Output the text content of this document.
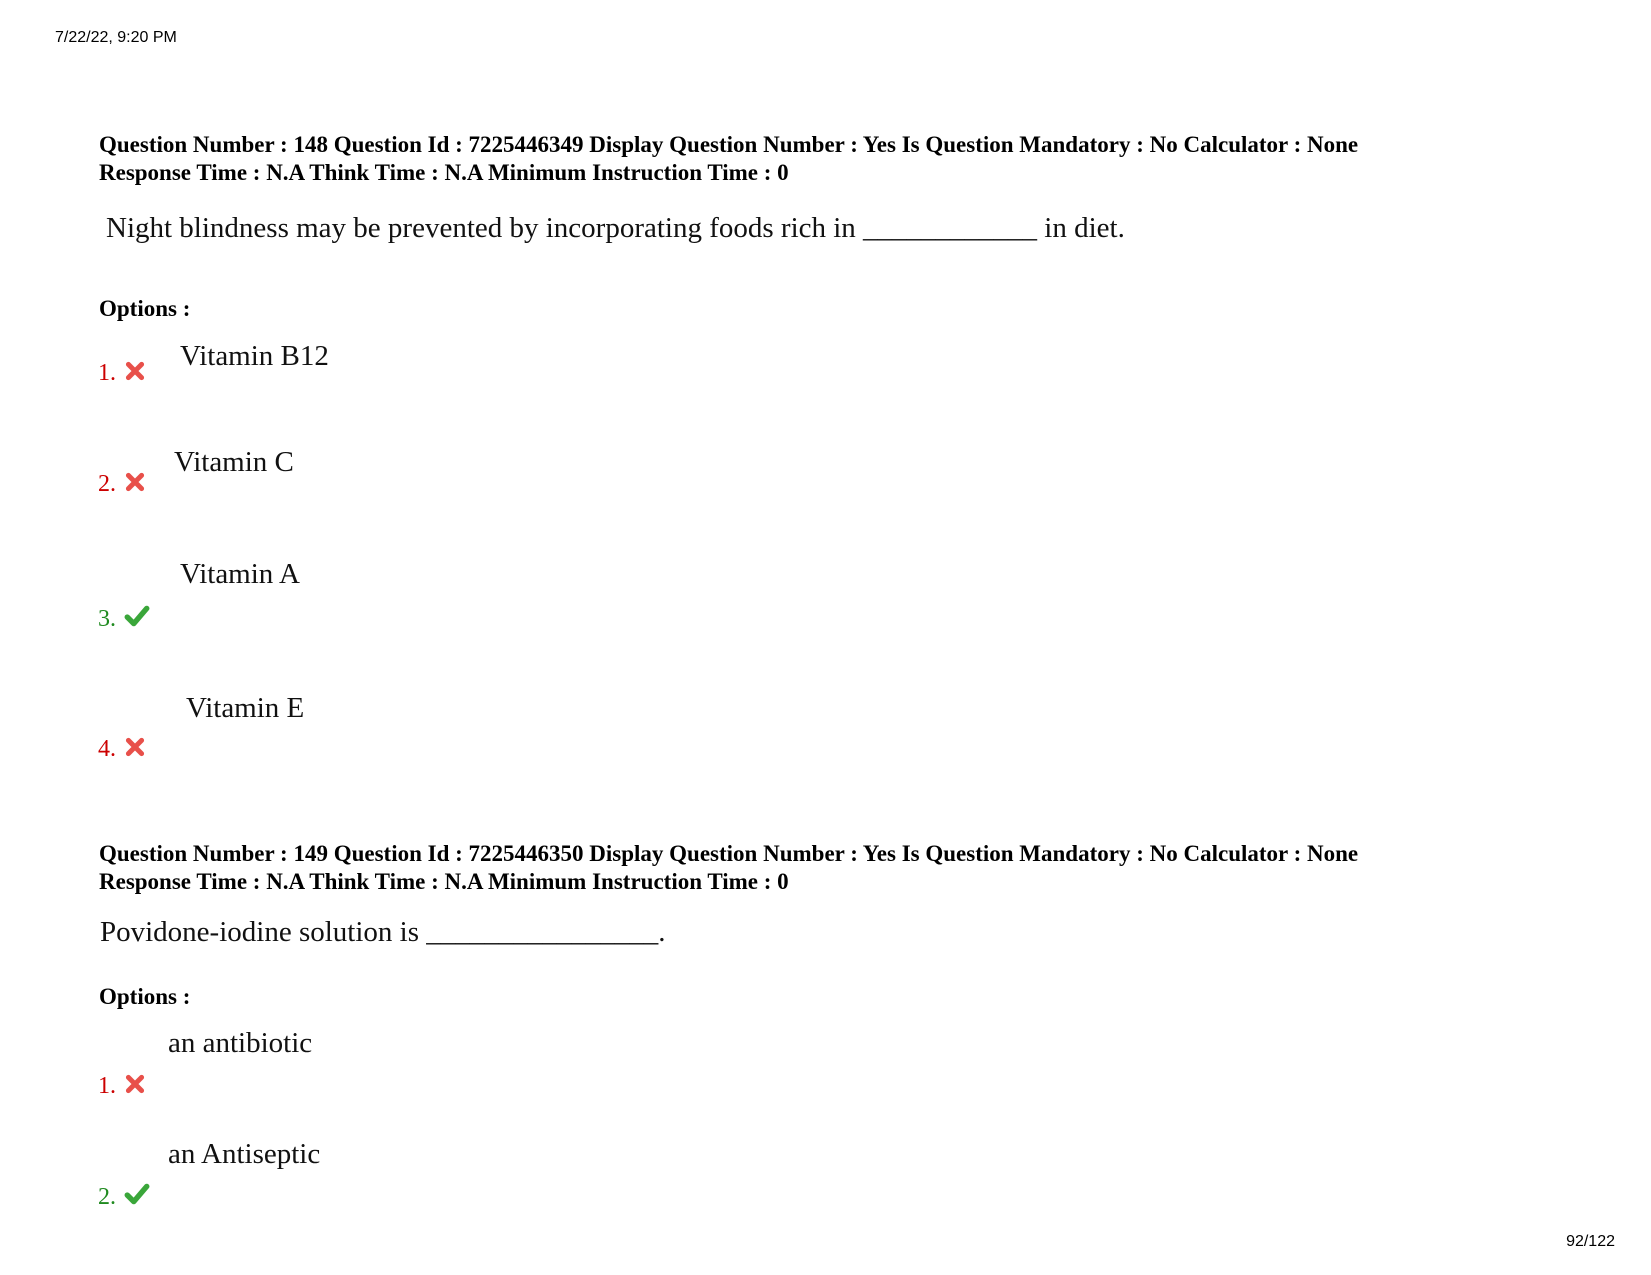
7/22/22, 9:20 PM
Question Number : 148 Question Id : 7225446349 Display Question Number : Yes Is Question Mandatory : No Calculator : None
Response Time : N.A Think Time : N.A Minimum Instruction Time : 0
Night blindness may be prevented by incorporating foods rich in ____________ in diet.
Options :
1.
Vitamin B12
2.
Vitamin C
3.
Vitamin A
4.
Vitamin E
Question Number : 149 Question Id : 7225446350 Display Question Number : Yes Is Question Mandatory : No Calculator : None
Response Time : N.A Think Time : N.A Minimum Instruction Time : 0
Povidone-iodine solution is ________________.
Options :
1.
an antibiotic
2.
an Antiseptic
92/122
